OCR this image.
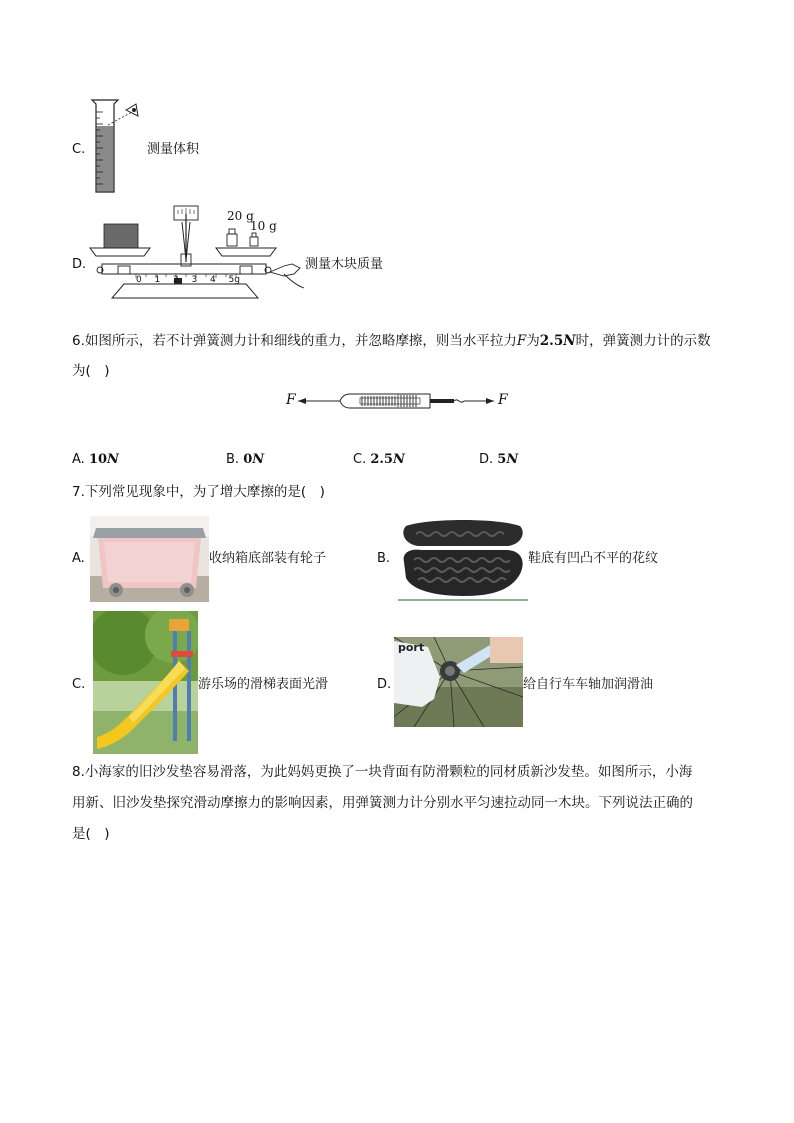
C.	测量体积
D.
20 g
10 g
0 1 2 3 4 5g
测量木块质量
6.如图所示，若不计弹簧测力计和细线的重力，并忽略摩擦，则当水平拉力F为2.5N时，弹簧测力计的示数
为(　)
F	F
A. 10N	B. 0N	C. 2.5N	D. 5N
7.下列常见现象中，为了增大摩擦的是(　)
A.	收纳箱底部装有轮子	B.	鞋底有凹凸不平的花纹
C.	游乐场的滑梯表面光滑	D.
port
给自行车车轴加润滑油
8.小海家的旧沙发垫容易滑落，为此妈妈更换了一块背面有防滑颗粒的同材质新沙发垫。如图所示，小海
用新、旧沙发垫探究滑动摩擦力的影响因素，用弹簧测力计分别水平匀速拉动同一木块。下列说法正确的
是(　)
